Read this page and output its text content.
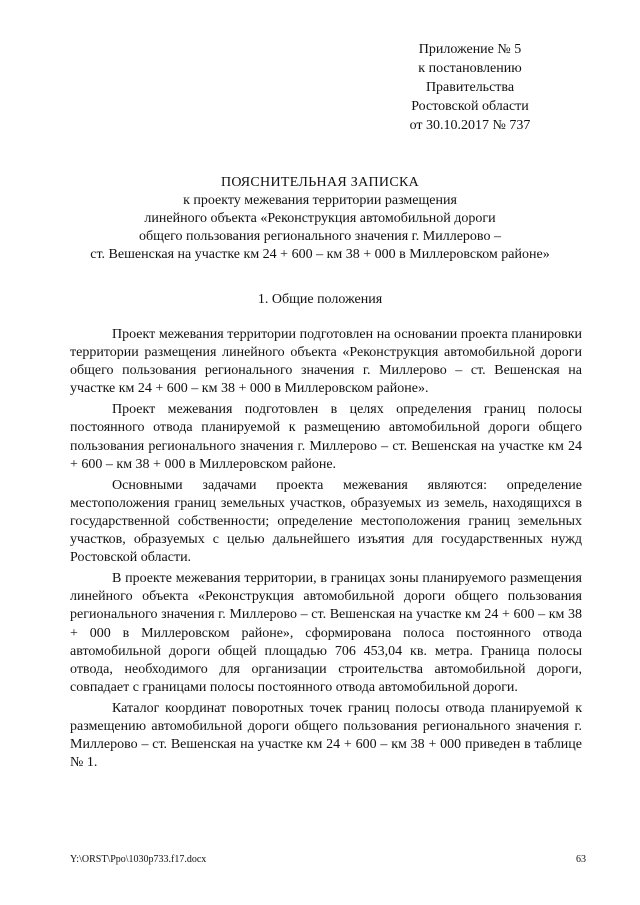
Приложение № 5
к постановлению
Правительства
Ростовской области
от 30.10.2017 № 737
ПОЯСНИТЕЛЬНАЯ ЗАПИСКА
к проекту межевания территории размещения
линейного объекта «Реконструкция автомобильной дороги
общего пользования регионального значения г. Миллерово –
ст. Вешенская на участке км 24 + 600 – км 38 + 000 в Миллеровском районе»
1. Общие положения

Проект межевания территории подготовлен на основании проекта планировки территории размещения линейного объекта «Реконструкция автомобильной дороги общего пользования регионального значения г. Миллерово – ст. Вешенская на участке км 24 + 600 – км 38 + 000 в Миллеровском районе».

Проект межевания подготовлен в целях определения границ полосы постоянного отвода планируемой к размещению автомобильной дороги общего пользования регионального значения г. Миллерово – ст. Вешенская на участке км 24 + 600 – км 38 + 000 в Миллеровском районе.

Основными задачами проекта межевания являются: определение местоположения границ земельных участков, образуемых из земель, находящихся в государственной собственности; определение местоположения границ земельных участков, образуемых с целью дальнейшего изъятия для государственных нужд Ростовской области.

В проекте межевания территории, в границах зоны планируемого размещения линейного объекта «Реконструкция автомобильной дороги общего пользования регионального значения г. Миллерово – ст. Вешенская на участке км 24 + 600 – км 38 + 000 в Миллеровском районе», сформирована полоса постоянного отвода автомобильной дороги общей площадью 706 453,04 кв. метра. Граница полосы отвода, необходимого для организации строительства автомобильной дороги, совпадает с границами полосы постоянного отвода автомобильной дороги.

Каталог координат поворотных точек границ полосы отвода планируемой к размещению автомобильной дороги общего пользования регионального значения г. Миллерово – ст. Вешенская на участке км 24 + 600 – км 38 + 000 приведен в таблице № 1.

Y:\ORST\Ppo\1030p733.f17.docx	63
